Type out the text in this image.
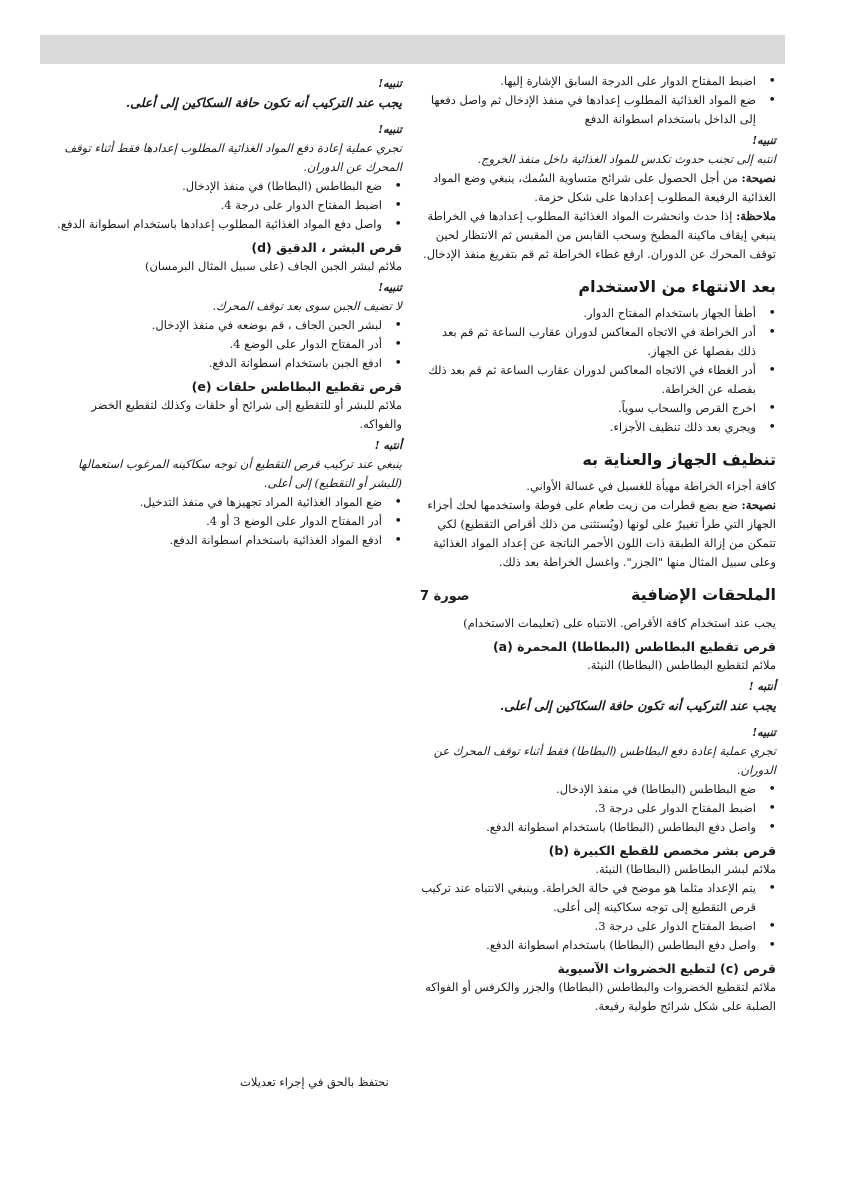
• اضبط المفتاح الدوار على الدرجة السابق الإشارة إليها.
• ضع المواد الغذائية المطلوب إعدادها في منفذ الإدخال ثم واصل دفعها إلى الداخل باستخدام اسطوانة الدفع
تنبيه!
انتبه إلى تجنب حدوث تكدس للمواد الغذائية داخل منفذ الخروج.
نصيحة: من أجل الحصول على شرائح متساوية السُمك، ينبغي وضع المواد الغذائية الرفيعة المطلوب إعدادها على شكل حزمة.
ملاحظة: إذا حدث وانحشرت المواد الغذائية المطلوب إعدادها في الخراطة ينبغي إيقاف ماكينة المطبخ وسحب القابس من المقبس ثم الانتظار لحين توقف المحرك عن الدوران. ارفع غطاء الخراطة ثم قم بتفريغ منفذ الإدخال.
بعد الانتهاء من الاستخدام
• أطفأ الجهاز باستخدام المفتاح الدوار.
• أدر الخراطة في الاتجاه المعاكس لدوران عقارب الساعة ثم قم بعد ذلك بفصلها عن الجهاز.
• أدر الغطاء في الاتجاه المعاكس لدوران عقارب الساعة ثم قم بعد ذلك بفصله عن الخراطة.
• اخرج القرص والسحاب سوياً.
• ويجري بعد ذلك تنظيف الأجزاء.
تنظيف الجهاز والعناية به
كافة أجزاء الخراطة مهيأة للغسيل في غسالة الأواني.
نصيحة: ضع بضع قطرات من زيت طعام على فوطة واستخدمها لحك أجزاء الجهاز التي طرأ تغييرٌ على لونها (ويُستثنى من ذلك أقراص التقطيع) لكي تتمكن من إزالة الطبقة ذات اللون الأحمر الناتجة عن إعداد المواد الغذائية وعلى سبيل المثال منها "الجزر". واغسل الخراطة بعد ذلك.
الملحقات الإضافية
صورة 7
يجب عند استخدام كافة الأقراص. الانتباه على (تعليمات الاستخدام)
قرص تقطيع البطاطس (البطاطا) المحمرة (a)
ملائم لتقطيع البطاطس (البطاطا) النيئة.
أنتبه !
يجب عند التركيب أنه تكون حافة السكاكين إلى أعلى.
تنبيه!
تجري عملية إعادة دفع البطاطس (البطاطا) فقط أثناء توقف المحرك عن الدوران.
• ضع البطاطس (البطاطا) في منفذ الإدخال.
• اضبط المفتاح الدوار على درجة 3.
• واصل دفع البطاطس (البطاطا) باستخدام اسطوانة الدفع.
قرص بشر مخصص للقطع الكبيرة (b)
ملائم لبشر البطاطس (البطاطا) النيئة.
• يتم الإعداد مثلما هو موضح في حالة الخراطة. وينبغي الانتباه عند تركيب قرص التقطيع إلى توجه سكاكينه إلى أعلى.
• اضبط المفتاح الدوار على درجة 3.
• واصل دفع البطاطس (البطاطا) باستخدام اسطوانة الدفع.
قرص (c) لتطيع الخضروات الآسيوية
ملائم لتقطيع الخضروات والبطاطس (البطاطا) والجزر والكرفس أو الفواكه الصلبة على شكل شرائح طولية رفيعة.
تنبيه!
يجب عند التركيب أنه تكون حافة السكاكين إلى أعلى.
تنبيه!
تجري عملية إعادة دفع المواد الغذائية المطلوب إعدادها فقط أثناء توقف المحرك عن الدوران.
• ضع البطاطس (البطاطا) في منفذ الإدخال.
• اضبط المفتاح الدوار على درجة 4.
• واصل دفع المواد الغذائية المطلوب إعدادها باستخدام اسطوانة الدفع.
قرص البشر ، الدقيق (d)
ملائم لبشر الجبن الجاف (على سبيل المثال البرمسان)
تنبيه!
لا تضيف الجبن سوى بعد توقف المحرك.
• لبشر الجبن الجاف ، قم بوضعه في منفذ الإدخال.
• أدر المفتاح الدوار على الوضع 4.
• ادفع الجبن باستخدام اسطوانة الدفع.
قرص تقطيع البطاطس حلقات (e)
ملائم للبشر أو للتقطيع إلى شرائح أو حلقات وكذلك لتقطيع الخضر والفواكه.
أنتبه !
ينبغي عند تركيب قرص التقطيع أن توجه سكاكينه المرغوب استعمالها (للبشر أو التقطيع) إلى أعلى.
• ضع المواد الغذائية المراد تجهيزها في منفذ التدخيل.
• أدر المفتاح الدوار على الوضع 3 أو 4.
• ادفع المواد الغذائية باستخدام اسطوانة الدفع.
نحتفظ بالحق في إجراء تعديلات
